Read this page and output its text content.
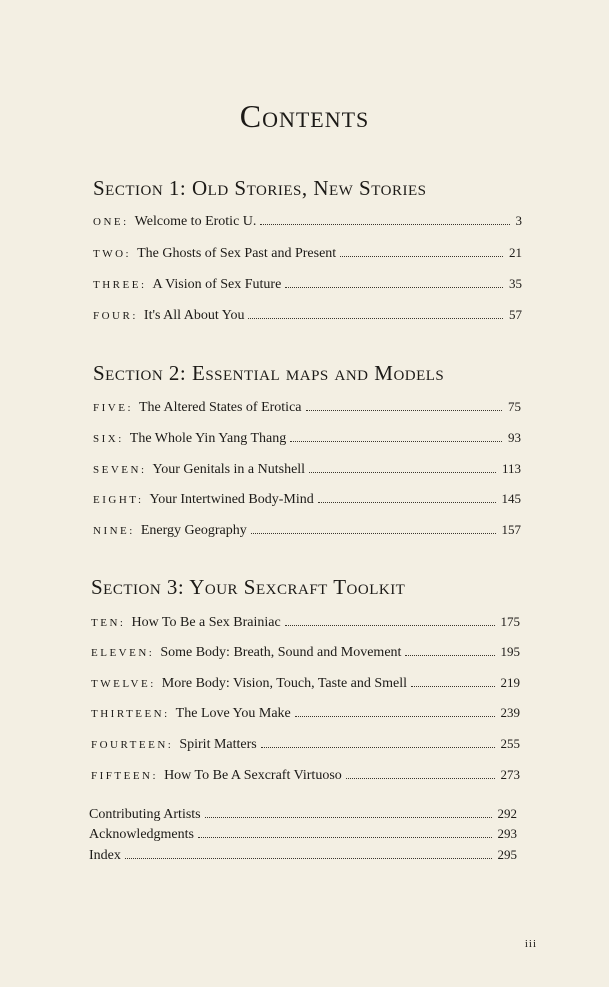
Contents
Section 1: Old Stories, New Stories
ONE: Welcome to Erotic U.	3
TWO: The Ghosts of Sex Past and Present	21
THREE: A Vision of Sex Future	35
FOUR: It's All About You	57
Section 2: Essential maps and Models
FIVE: The Altered States of Erotica	75
SIX: The Whole Yin Yang Thang	93
SEVEN: Your Genitals in a Nutshell	113
EIGHT: Your Intertwined Body-Mind	145
NINE: Energy Geography	157
Section 3: Your Sexcraft Toolkit
TEN: How To Be a Sex Brainiac	175
ELEVEN: Some Body: Breath, Sound and Movement	195
TWELVE: More Body: Vision, Touch, Taste and Smell	219
THIRTEEN: The Love You Make	239
FOURTEEN: Spirit Matters	255
FIFTEEN: How To Be A Sexcraft Virtuoso	273
Contributing Artists	292
Acknowledgments	293
Index	295
iii
